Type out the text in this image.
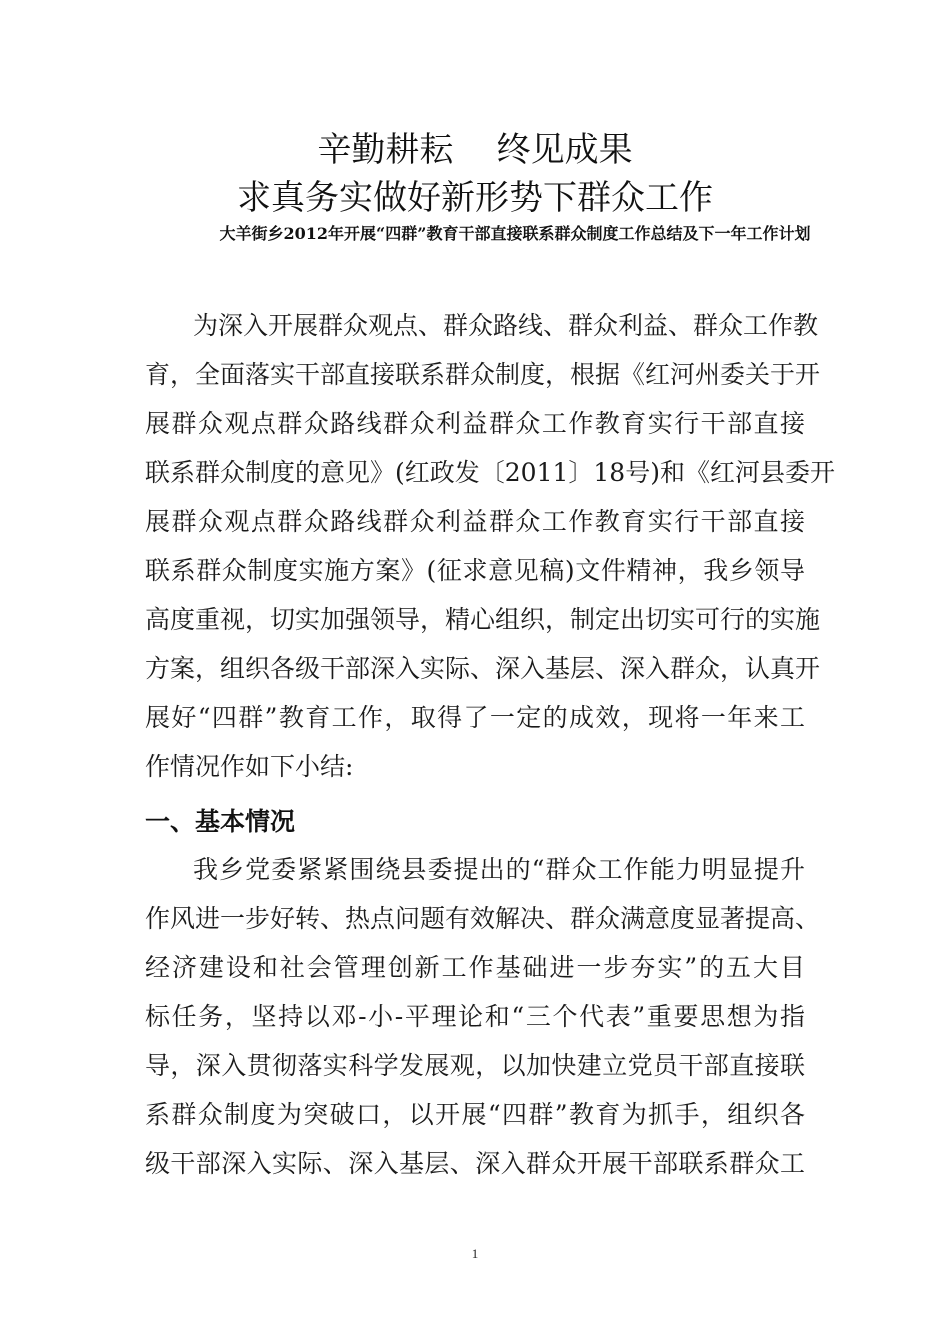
辛勤耕耘    终见成果
求真务实做好新形势下群众工作
大羊街乡2012年开展“四群”教育干部直接联系群众制度工作总结及下一年工作计划
为深入开展群众观点、群众路线、群众利益、群众工作教
育，全面落实干部直接联系群众制度，根据《红河州委关于开
展群众观点群众路线群众利益群众工作教育实行干部直接
联系群众制度的意见》(红政发〔2011〕18号)和《红河县委开
展群众观点群众路线群众利益群众工作教育实行干部直接
联系群众制度实施方案》(征求意见稿)文件精神，我乡领导
高度重视，切实加强领导，精心组织，制定出切实可行的实施
方案，组织各级干部深入实际、深入基层、深入群众，认真开
展好“四群”教育工作，取得了一定的成效，现将一年来工
作情况作如下小结:
一、基本情况
我乡党委紧紧围绕县委提出的“群众工作能力明显提升
作风进一步好转、热点问题有效解决、群众满意度显著提高、
经济建设和社会管理创新工作基础进一步夯实”的五大目
标任务，坚持以邓-小-平理论和“三个代表”重要思想为指
导，深入贯彻落实科学发展观，以加快建立党员干部直接联
系群众制度为突破口，以开展“四群”教育为抓手，组织各
级干部深入实际、深入基层、深入群众开展干部联系群众工
1
